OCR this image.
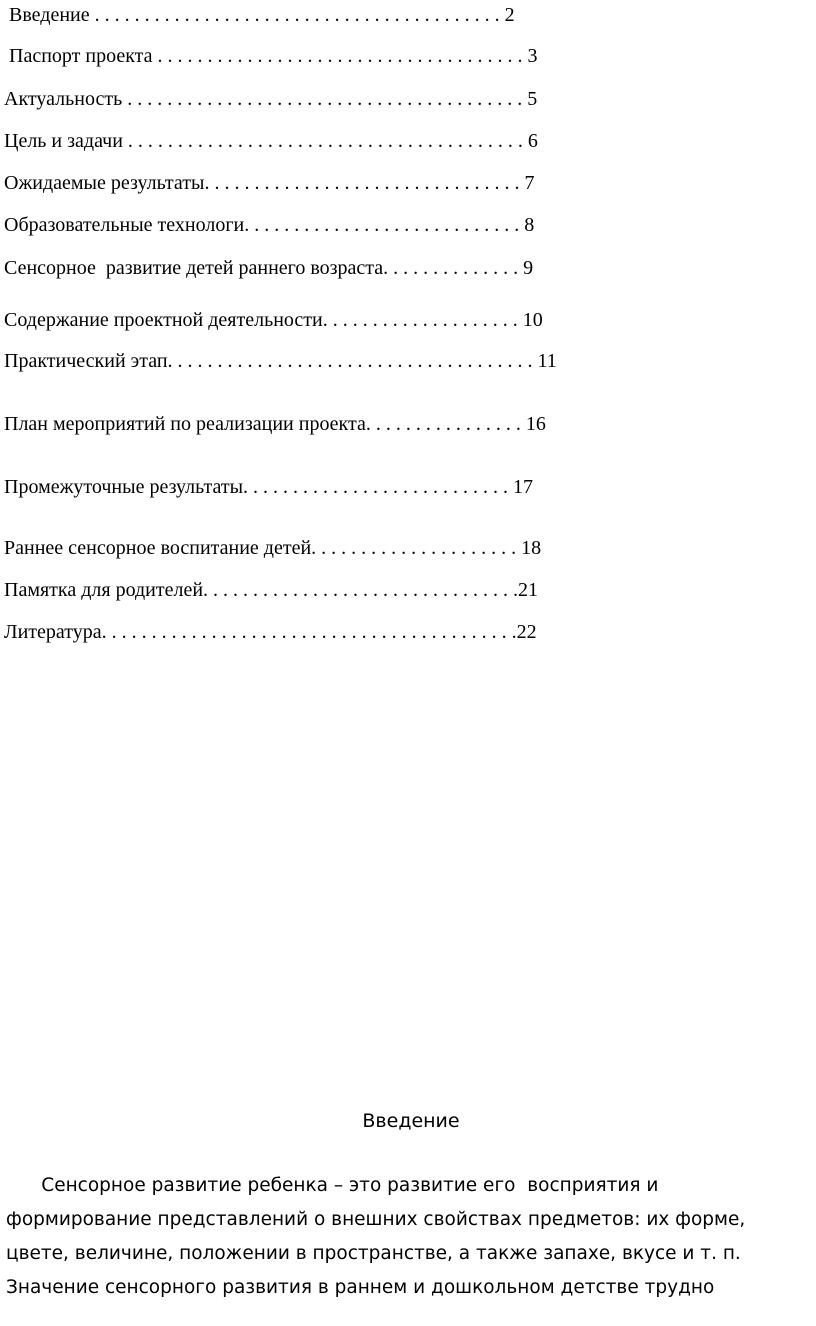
Введение . . . . . . . . . . . . . . . . . . . . . . . . . . . . . . . . . . . . . . . . . 2
Паспорт проекта . . . . . . . . . . . . . . . . . . . . . . . . . . . . . . . . . . . . . 3
Актуальность . . . . . . . . . . . . . . . . . . . . . . . . . . . . . . . . . . . . . . . . 5
Цель и задачи . . . . . . . . . . . . . . . . . . . . . . . . . . . . . . . . . . . . . . . . 6
Ожидаемые результаты. . . . . . . . . . . . . . . . . . . . . . . . . . . . . . . . 7
Образовательные технологи. . . . . . . . . . . . . . . . . . . . . . . . . . . . 8
Сенсорное  развитие детей раннего возраста. . . . . . . . . . . . . . 9
Содержание проектной деятельности. . . . . . . . . . . . . . . . . . . . 10
Практический этап. . . . . . . . . . . . . . . . . . . . . . . . . . . . . . . . . . . . . 11
План мероприятий по реализации проекта. . . . . . . . . . . . . . . . 16
Промежуточные результаты. . . . . . . . . . . . . . . . . . . . . . . . . . . 17
Раннее сенсорное воспитание детей. . . . . . . . . . . . . . . . . . . . . 18
Памятка для родителей. . . . . . . . . . . . . . . . . . . . . . . . . . . . . . . .21
Литература. . . . . . . . . . . . . . . . . . . . . . . . . . . . . . . . . . . . . . . . . .22
Введение
Сенсорное развитие ребенка – это развитие его  восприятия и
формирование представлений о внешних свойствах предметов: их форме,
цвете, величине, положении в пространстве, а также запахе, вкусе и т. п.
Значение сенсорного развития в раннем и дошкольном детстве трудно
